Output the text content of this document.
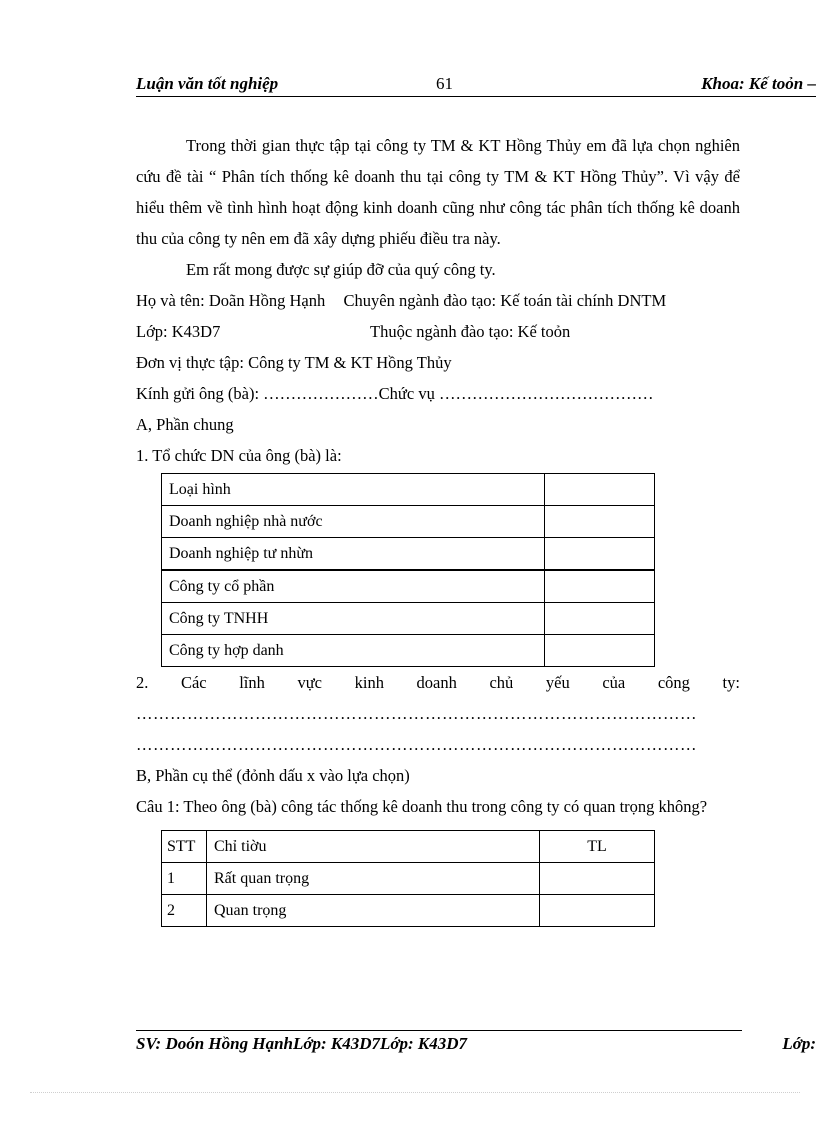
Luận văn tốt nghiệp	61	Khoa: Kế toỏn –

Trong thời gian thực tập tại công ty TM & KT Hồng Thủy em đã lựa chọn nghiên cứu đề tài “ Phân tích thống kê doanh thu tại công ty TM & KT Hồng Thủy”. Vì vậy để hiểu thêm về tình hình hoạt động kinh doanh cũng như công tác phân tích thống kê doanh thu của công ty nên em đã xây dựng phiếu điều tra này.

Em rất mong được sự giúp đỡ của quý công ty.

Họ và tên: Doãn Hồng Hạnh Chuyên ngành đào tạo: Kế toán tài chính DNTM

Lớp: K43D7	Thuộc ngành đào tạo: Kế toỏn

Đơn vị thực tập: Công ty TM & KT Hồng Thủy

Kính gửi ông (bà): …………………Chức vụ …………………………………

A, Phần chung

1. Tổ chức DN của ông (bà) là:

Loại hình	
Doanh nghiệp nhà nước	
Doanh nghiệp tư nhừn	
Công ty cổ phần	
Công ty TNHH	
Công ty hợp danh	

2. Các lĩnh vực kinh doanh chủ yếu của công ty:

………………………………………………………………………………………

………………………………………………………………………………………

B, Phần cụ thể (đỏnh dấu x vào lựa chọn)

Câu 1: Theo ông (bà) công tác thống kê doanh thu trong công ty có quan trọng không?

STT	Chỉ tiờu	TL
1	Rất quan trọng	
2	Quan trọng	
SV: Doón Hồng HạnhLớp: K43D7Lớp: K43D7	Lớp:
